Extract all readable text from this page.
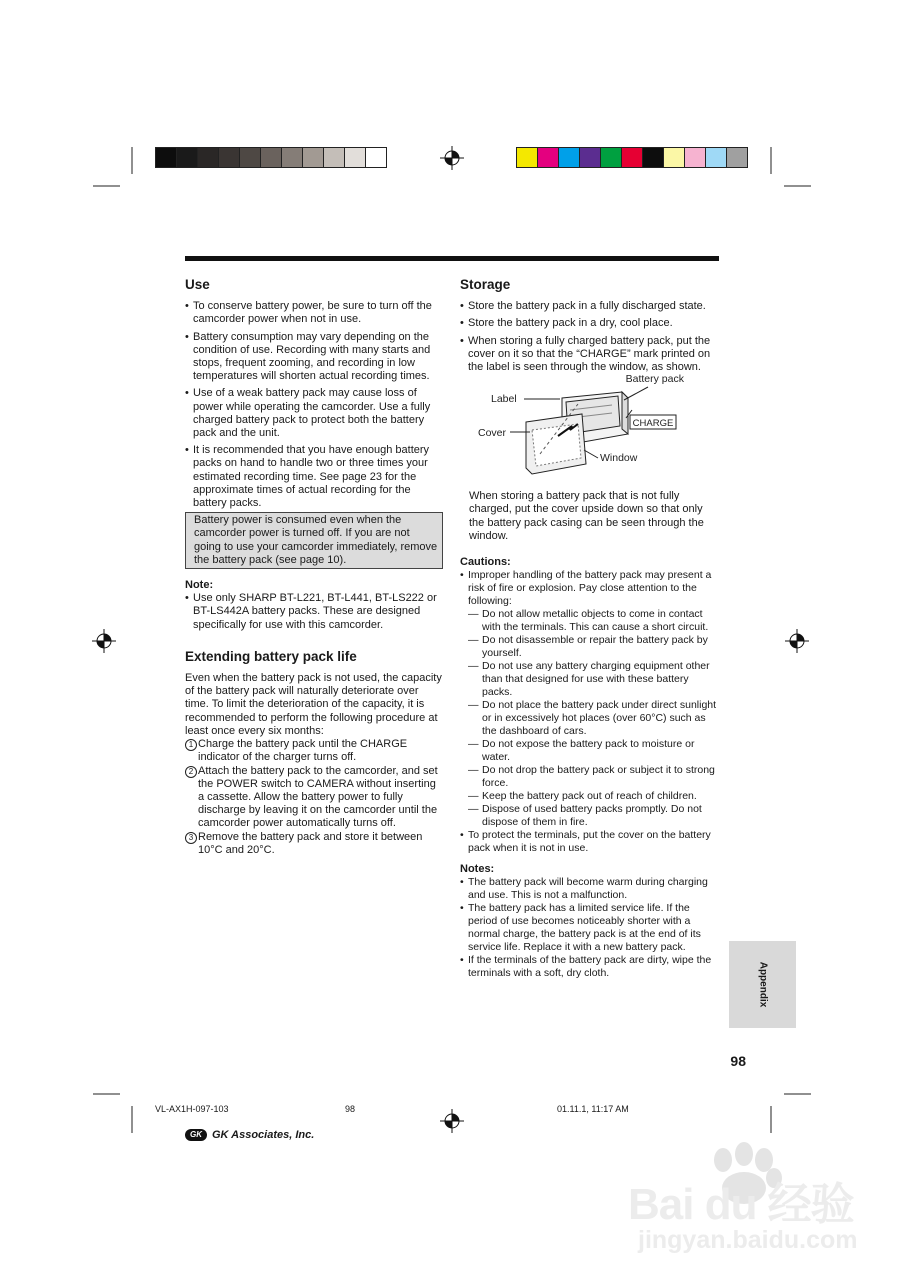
Use
• To conserve battery power, be sure to turn off the camcorder power when not in use.
• Battery consumption may vary depending on the condition of use. Recording with many starts and stops, frequent zooming, and recording in low temperatures will shorten actual recording times.
• Use of a weak battery pack may cause loss of power while operating the camcorder. Use a fully charged battery pack to protect both the battery pack and the unit.
• It is recommended that you have enough battery packs on hand to handle two or three times your estimated recording time. See page 23 for the approximate times of actual recording for the battery packs.
Battery power is consumed even when the camcorder power is turned off. If you are not going to use your camcorder immediately, remove the battery pack (see page 10).

Note:

• Use only SHARP BT-L221, BT-L441, BT-LS222 or BT-LS442A battery packs. These are designed specifically for use with this camcorder.
Extending battery pack life

Even when the battery pack is not used, the capacity of the battery pack will naturally deteriorate over time. To limit the deterioration of the capacity, it is recommended to perform the following procedure at least once every six months:

1 Charge the battery pack until the CHARGE indicator of the charger turns off.
2 Attach the battery pack to the camcorder, and set the POWER switch to CAMERA without inserting a cassette. Allow the battery power to fully discharge by leaving it on the camcorder until the camcorder power automatically turns off.
3 Remove the battery pack and store it between 10°C and 20°C.
Storage
• Store the battery pack in a fully discharged state.
• Store the battery pack in a dry, cool place.
• When storing a fully charged battery pack, put the cover on it so that the “CHARGE” mark printed on the label is seen through the window, as shown.
Battery pack
Label
Cover
Window
CHARGE

When storing a battery pack that is not fully charged, put the cover upside down so that only the battery pack casing can be seen through the window.

Cautions:

• Improper handling of the battery pack may present a risk of fire or explosion. Pay close attention to the following:
— Do not allow metallic objects to come in contact with the terminals. This can cause a short circuit.
— Do not disassemble or repair the battery pack by yourself.
— Do not use any battery charging equipment other than that designed for use with these battery packs.
— Do not place the battery pack under direct sunlight or in excessively hot places (over 60°C) such as the dashboard of cars.
— Do not expose the battery pack to moisture or water.
— Do not drop the battery pack or subject it to strong force.
— Keep the battery pack out of reach of children.
— Dispose of used battery packs promptly. Do not dispose of them in fire.
• To protect the terminals, put the cover on the battery pack when it is not in use.

Notes:

• The battery pack will become warm during charging and use. This is not a malfunction.
• The battery pack has a limited service life. If the period of use becomes noticeably shorter with a normal charge, the battery pack is at the end of its service life. Replace it with a new battery pack.
• If the terminals of the battery pack are dirty, wipe the terminals with a soft, dry cloth.	Appendix
98
VL-AX1H-097-103	98	01.11.1, 11:17 AM
GK GK Associates, Inc.
Bai du 经验
jingyan.baidu.com
